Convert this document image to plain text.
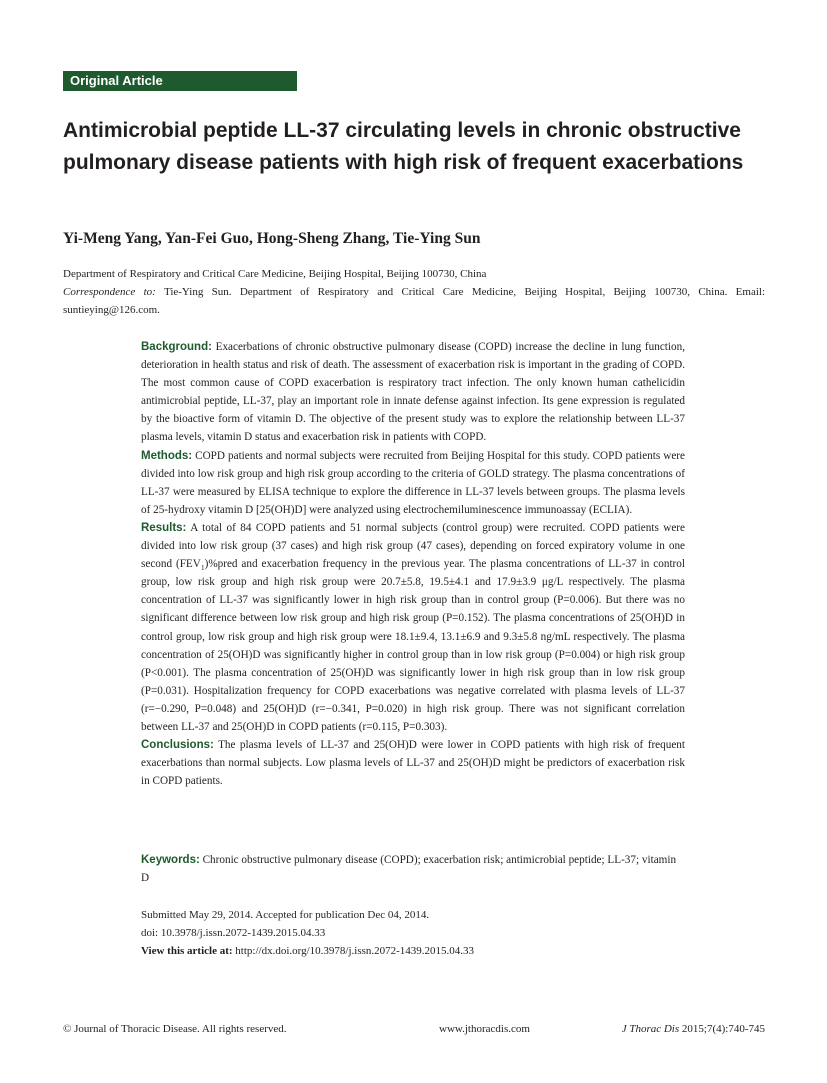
Original Article
Antimicrobial peptide LL-37 circulating levels in chronic obstructive pulmonary disease patients with high risk of frequent exacerbations

Yi-Meng Yang, Yan-Fei Guo, Hong-Sheng Zhang, Tie-Ying Sun

Department of Respiratory and Critical Care Medicine, Beijing Hospital, Beijing 100730, China

Correspondence to: Tie-Ying Sun. Department of Respiratory and Critical Care Medicine, Beijing Hospital, Beijing 100730, China. Email: suntieying@126.com.

Background: Exacerbations of chronic obstructive pulmonary disease (COPD) increase the decline in lung function, deterioration in health status and risk of death. The assessment of exacerbation risk is important in the grading of COPD. The most common cause of COPD exacerbation is respiratory tract infection. The only known human cathelicidin antimicrobial peptide, LL-37, play an important role in innate defense against infection. Its gene expression is regulated by the bioactive form of vitamin D. The objective of the present study was to explore the relationship between LL-37 plasma levels, vitamin D status and exacerbation risk in patients with COPD.

Methods: COPD patients and normal subjects were recruited from Beijing Hospital for this study. COPD patients were divided into low risk group and high risk group according to the criteria of GOLD strategy. The plasma concentrations of LL-37 were measured by ELISA technique to explore the difference in LL-37 levels between groups. The plasma levels of 25-hydroxy vitamin D [25(OH)D] were analyzed using electrochemiluminescence immunoassay (ECLIA).

Results: A total of 84 COPD patients and 51 normal subjects (control group) were recruited. COPD patients were divided into low risk group (37 cases) and high risk group (47 cases), depending on forced expiratory volume in one second $(FEV_1)\%pred$ and exacerbation frequency in the previous year. The plasma concentrations of LL-37 in control group, low risk group and high risk group were 20.7±5.8, 19.5±4.1 and 17.9±3.9 μg/L respectively. The plasma concentration of LL-37 was significantly lower in high risk group than in control group (P=0.006). But there was no significant difference between low risk group and high risk group (P=0.152). The plasma concentrations of 25(OH)D in control group, low risk group and high risk group were 18.1±9.4, 13.1±6.9 and 9.3±5.8 ng/mL respectively. The plasma concentration of 25(OH)D was significantly higher in control group than in low risk group (P=0.004) or high risk group (P<0.001). The plasma concentration of 25(OH)D was significantly lower in high risk group than in low risk group (P=0.031). Hospitalization frequency for COPD exacerbations was negative correlated with plasma levels of LL-37 (r=−0.290, P=0.048) and 25(OH)D (r=−0.341, P=0.020) in high risk group. There was not significant correlation between LL-37 and 25(OH)D in COPD patients (r=0.115, P=0.303).

Conclusions: The plasma levels of LL-37 and 25(OH)D were lower in COPD patients with high risk of frequent exacerbations than normal subjects. Low plasma levels of LL-37 and 25(OH)D might be predictors of exacerbation risk in COPD patients.

Keywords: Chronic obstructive pulmonary disease (COPD); exacerbation risk; antimicrobial peptide; LL-37; vitamin D

Submitted May 29, 2014. Accepted for publication Dec 04, 2014.

doi: 10.3978/j.issn.2072-1439.2015.04.33

View this article at: http://dx.doi.org/10.3978/j.issn.2072-1439.2015.04.33

© Journal of Thoracic Disease. All rights reserved.	www.jthoracdis.com	J Thorac Dis 2015;7(4):740-745
